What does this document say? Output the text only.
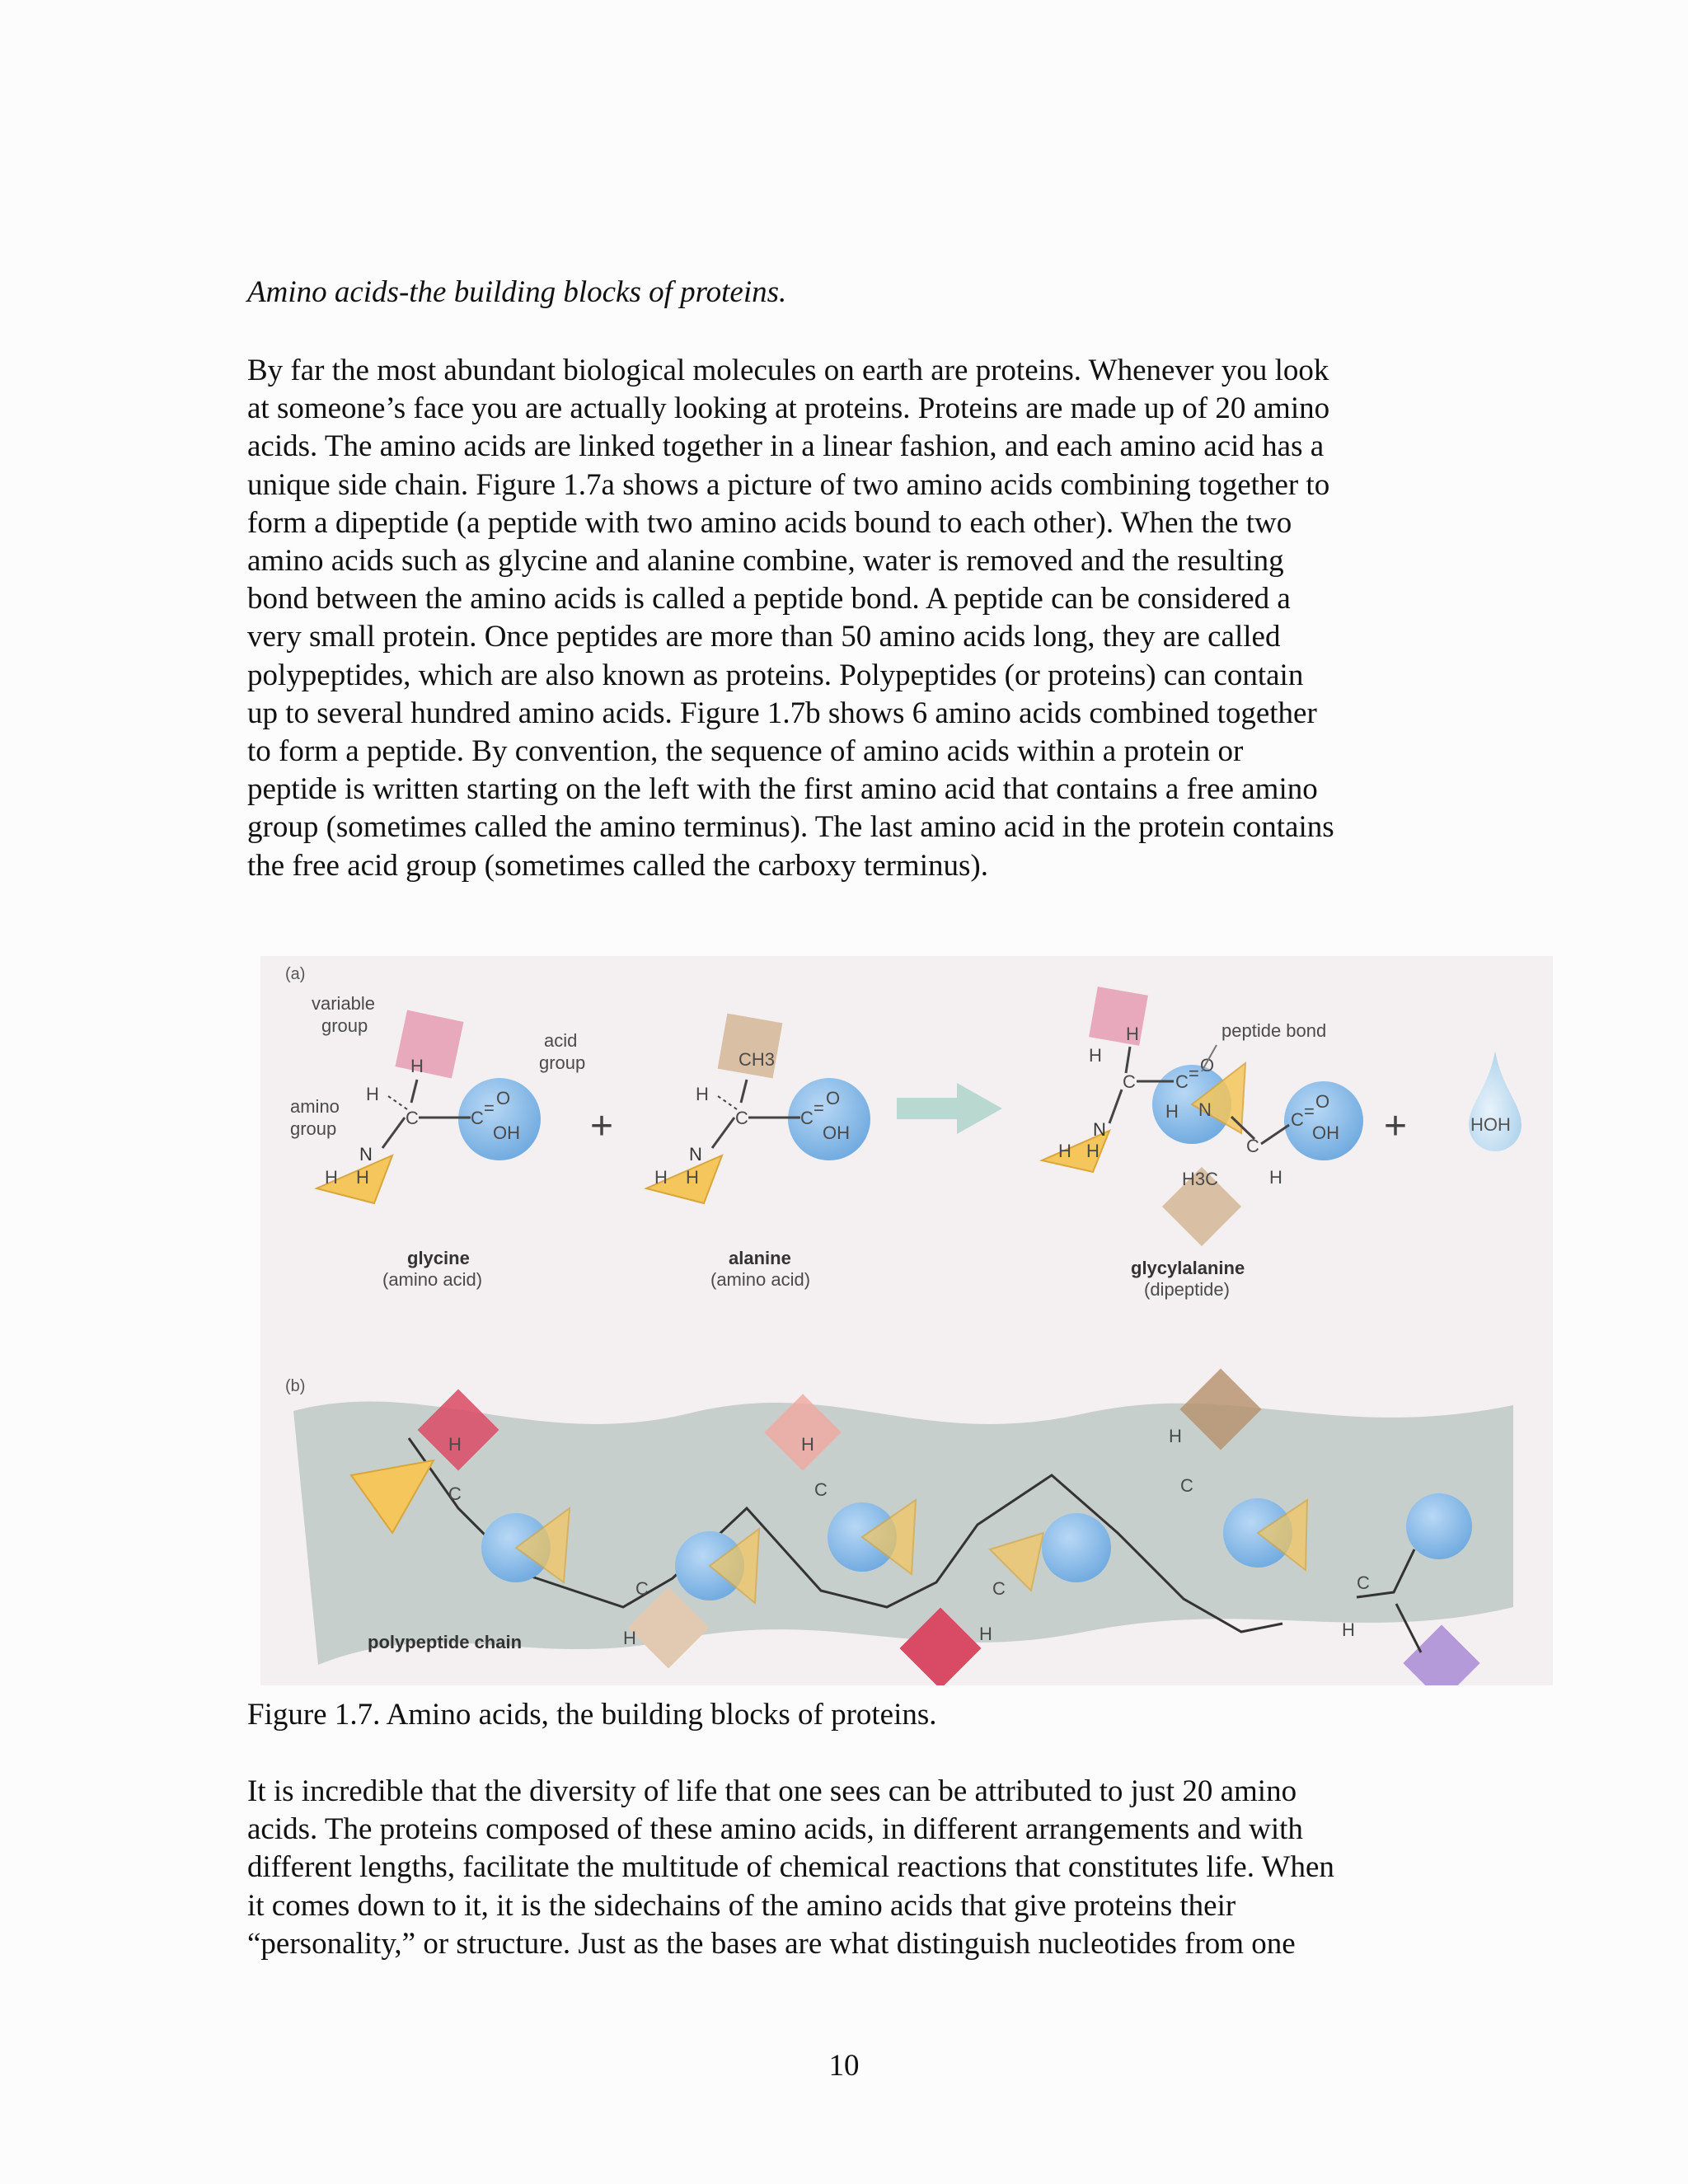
Amino acids-the building blocks of proteins.

By far the most abundant biological molecules on earth are proteins. Whenever you look
at someone’s face you are actually looking at proteins. Proteins are made up of 20 amino
acids. The amino acids are linked together in a linear fashion, and each amino acid has a
unique side chain. Figure 1.7a shows a picture of two amino acids combining together to
form a dipeptide (a peptide with two amino acids bound to each other). When the two
amino acids such as glycine and alanine combine, water is removed and the resulting
bond between the amino acids is called a peptide bond. A peptide can be considered a
very small protein. Once peptides are more than 50 amino acids long, they are called
polypeptides, which are also known as proteins. Polypeptides (or proteins) can contain
up to several hundred amino acids. Figure 1.7b shows 6 amino acids combined together
to form a peptide. By convention, the sequence of amino acids within a protein or
peptide is written starting on the left with the first amino acid that contains a free amino
group (sometimes called the amino terminus). The last amino acid in the protein contains
the free acid group (sometimes called the carboxy terminus).

(a)
variable
group
acid
group
amino
group
C
H
H
C = O
OH
N
H H
+	C
CH3
H
C = O
OH
N
H H
C
H
H
C = O
H N
N
H H	C
H
H3C
C = O
OH
peptide bond
+	HOH
glycine
(amino acid)
alanine
(amino acid)
glycylalanine
(dipeptide)
(b)
H
C
C
H
H
C
C
H
H
C
C
H
polypeptide chain

Figure 1.7. Amino acids, the building blocks of proteins.

It is incredible that the diversity of life that one sees can be attributed to just 20 amino
acids. The proteins composed of these amino acids, in different arrangements and with
different lengths, facilitate the multitude of chemical reactions that constitutes life. When
it comes down to it, it is the sidechains of the amino acids that give proteins their
“personality,” or structure. Just as the bases are what distinguish nucleotides from one

10
